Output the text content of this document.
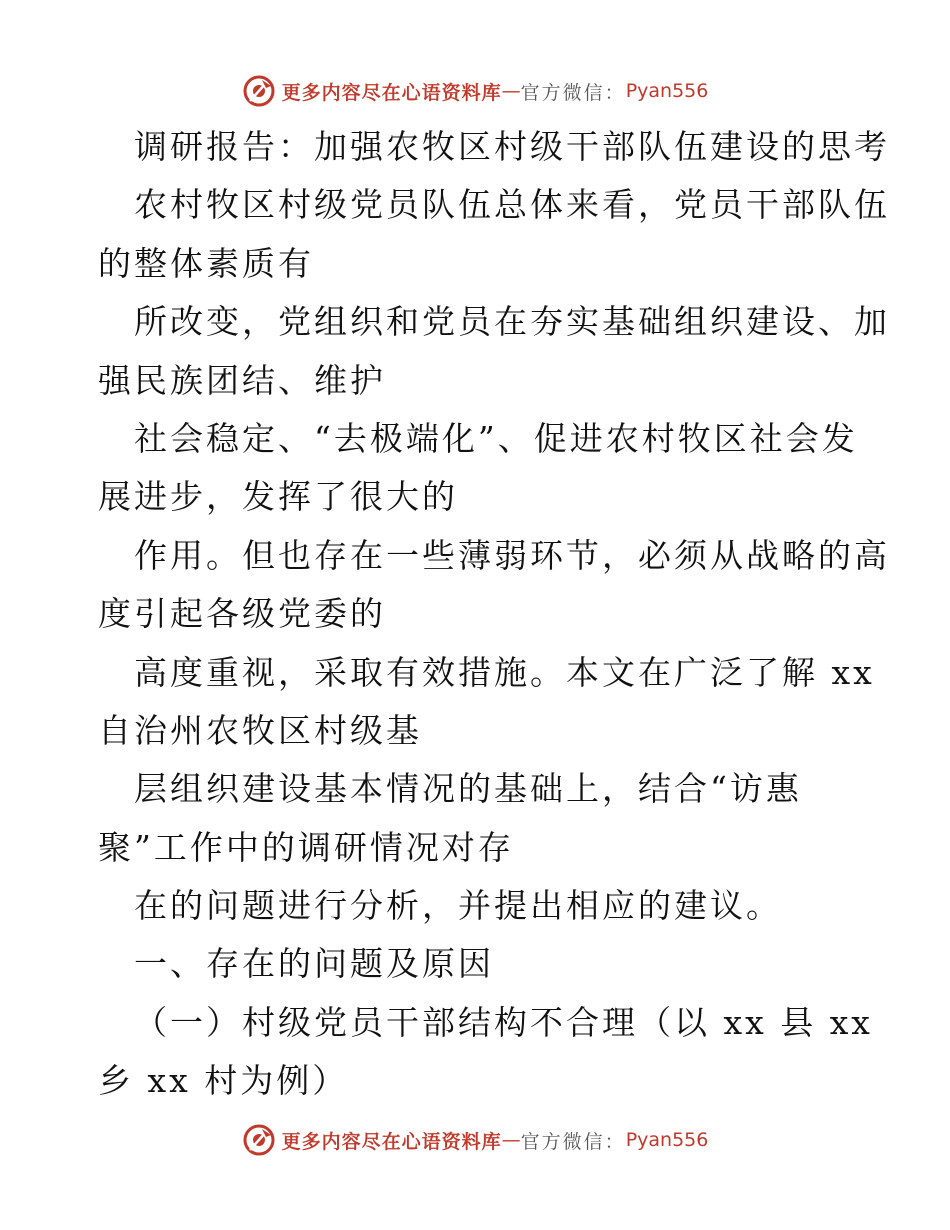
更多内容尽在心语资料库 — 官方微信： Pyan556
调研报告：加强农牧区村级干部队伍建设的思考
农村牧区村级党员队伍总体来看，党员干部队伍
的整体素质有
所改变，党组织和党员在夯实基础组织建设、加
强民族团结、维护
社会稳定、“去极端化”、促进农村牧区社会发
展进步，发挥了很大的
作用。但也存在一些薄弱环节，必须从战略的高
度引起各级党委的
高度重视，采取有效措施。本文在广泛了解 xx
自治州农牧区村级基
层组织建设基本情况的基础上，结合“访惠
聚”工作中的调研情况对存
在的问题进行分析，并提出相应的建议。
一、存在的问题及原因
（一）村级党员干部结构不合理（以 xx 县 xx
乡 xx 村为例）
更多内容尽在心语资料库 — 官方微信： Pyan556
